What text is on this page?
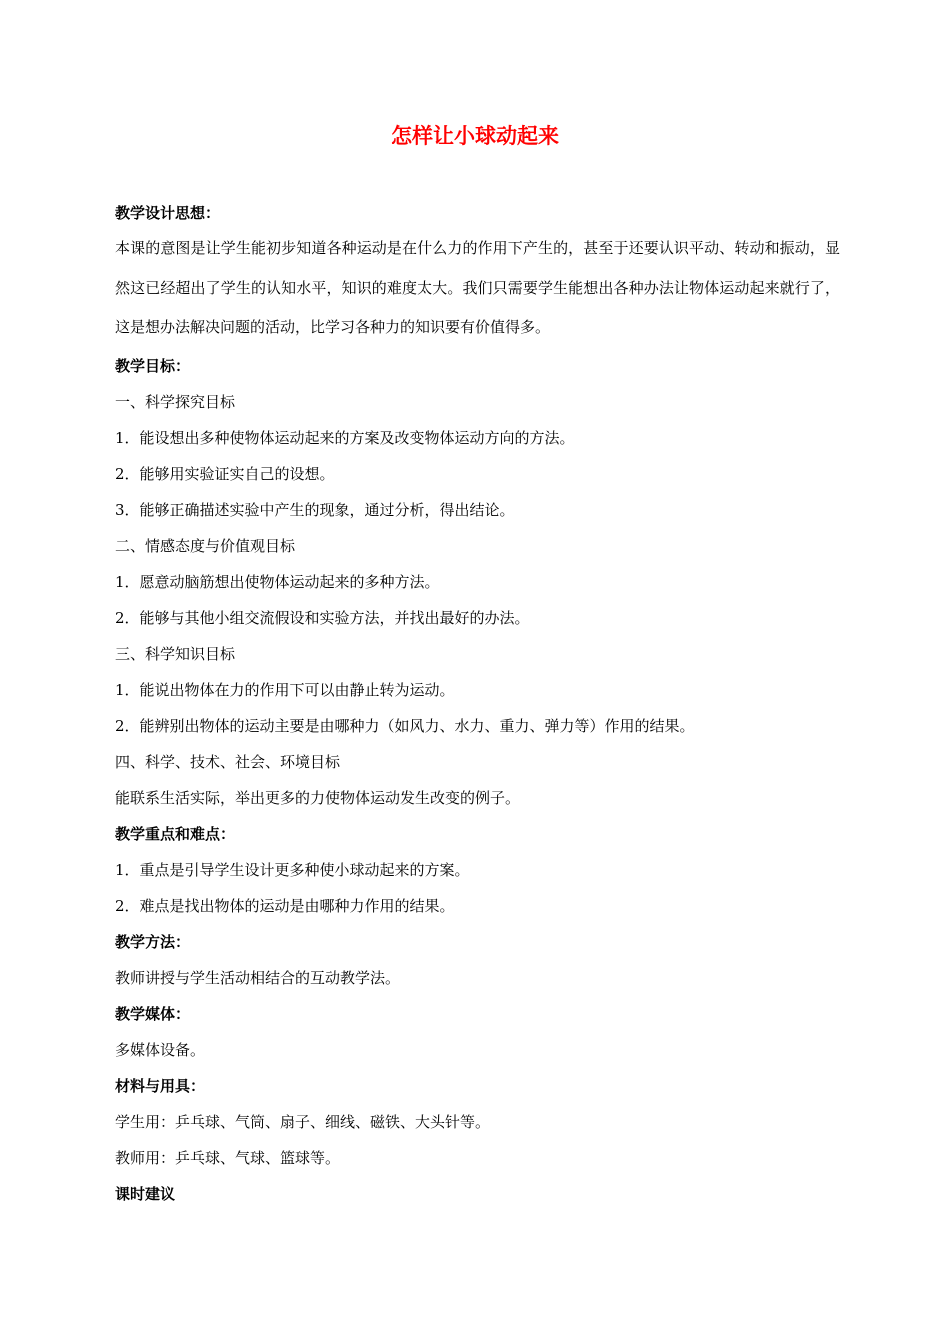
怎样让小球动起来
教学设计思想：
本课的意图是让学生能初步知道各种运动是在什么力的作用下产生的，甚至于还要认识平动、转动和振动，显然这已经超出了学生的认知水平，知识的难度太大。我们只需要学生能想出各种办法让物体运动起来就行了，这是想办法解决问题的活动，比学习各种力的知识要有价值得多。
教学目标：
一、科学探究目标
1．能设想出多种使物体运动起来的方案及改变物体运动方向的方法。
2．能够用实验证实自己的设想。
3．能够正确描述实验中产生的现象，通过分析，得出结论。
二、情感态度与价值观目标
1．愿意动脑筋想出使物体运动起来的多种方法。
2．能够与其他小组交流假设和实验方法，并找出最好的办法。
三、科学知识目标
1．能说出物体在力的作用下可以由静止转为运动。
2．能辨别出物体的运动主要是由哪种力（如风力、水力、重力、弹力等）作用的结果。
四、科学、技术、社会、环境目标
能联系生活实际，举出更多的力使物体运动发生改变的例子。
教学重点和难点：
1．重点是引导学生设计更多种使小球动起来的方案。
2．难点是找出物体的运动是由哪种力作用的结果。
教学方法：
教师讲授与学生活动相结合的互动教学法。
教学媒体：
多媒体设备。
材料与用具：
学生用：乒乓球、气筒、扇子、细线、磁铁、大头针等。
教师用：乒乓球、气球、篮球等。
课时建议
